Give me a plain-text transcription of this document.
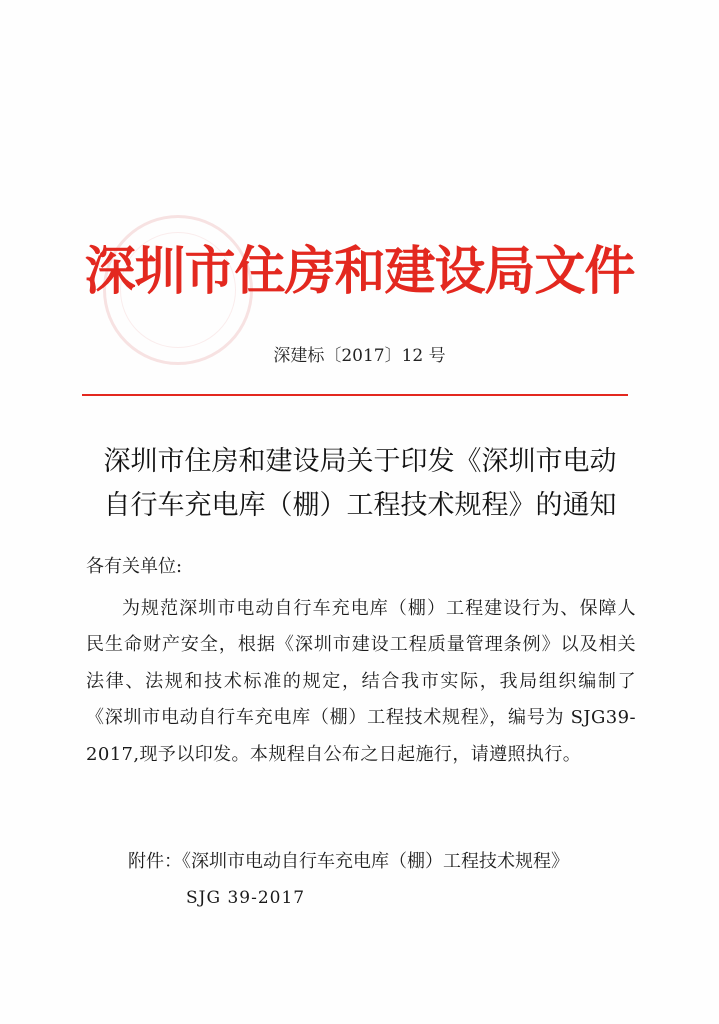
深圳市住房和建设局文件
深建标〔2017〕12 号
深圳市住房和建设局关于印发《深圳市电动
自行车充电库（棚）工程技术规程》的通知
各有关单位:
为规范深圳市电动自行车充电库（棚）工程建设行为、保障人民生命财产安全，根据《深圳市建设工程质量管理条例》以及相关法律、法规和技术标准的规定，结合我市实际，我局组织编制了《深圳市电动自行车充电库（棚）工程技术规程》，编号为 SJG39-2017,现予以印发。本规程自公布之日起施行，请遵照执行。
附件：《深圳市电动自行车充电库（棚）工程技术规程》
SJG 39-2017
